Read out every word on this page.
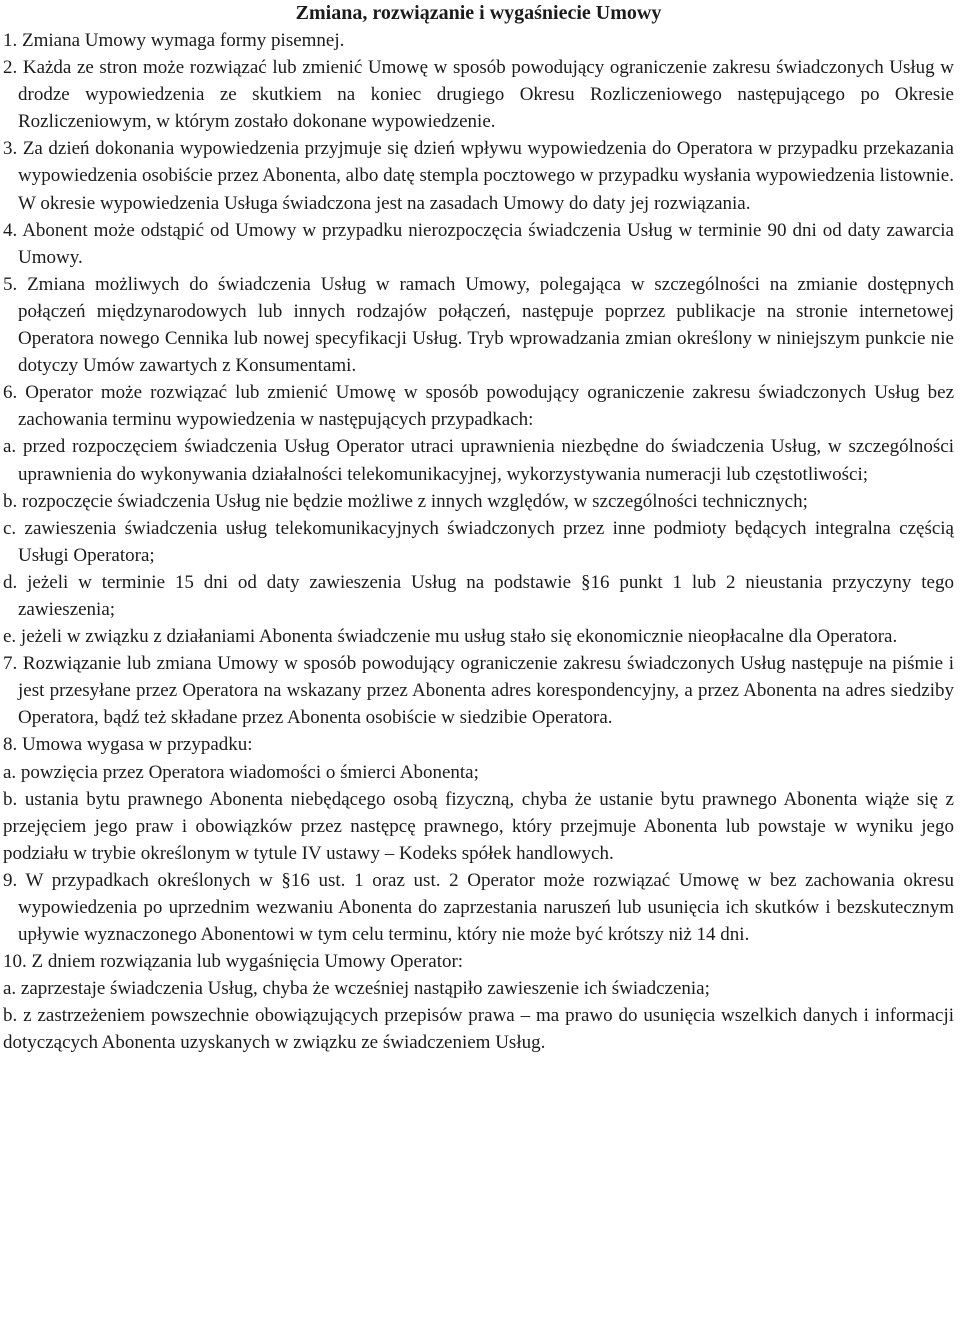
Zmiana, rozwiązanie i wygaśniecie Umowy

1. Zmiana Umowy wymaga formy pisemnej.

2. Każda ze stron może rozwiązać lub zmienić Umowę w sposób powodujący ograniczenie zakresu świadczonych Usług w drodze wypowiedzenia ze skutkiem na koniec drugiego Okresu Rozliczeniowego następującego po Okresie Rozliczeniowym, w którym zostało dokonane wypowiedzenie.

3. Za dzień dokonania wypowiedzenia przyjmuje się dzień wpływu wypowiedzenia do Operatora w przypadku przekazania wypowiedzenia osobiście przez Abonenta, albo datę stempla pocztowego w przypadku wysłania wypowiedzenia listownie. W okresie wypowiedzenia Usługa świadczona jest na zasadach Umowy do daty jej rozwiązania.

4. Abonent może odstąpić od Umowy w przypadku nierozpoczęcia świadczenia Usług w terminie 90 dni od daty zawarcia Umowy.

5. Zmiana możliwych do świadczenia Usług w ramach Umowy, polegająca w szczególności na zmianie dostępnych połączeń międzynarodowych lub innych rodzajów połączeń, następuje poprzez publikacje na stronie internetowej Operatora nowego Cennika lub nowej specyfikacji Usług. Tryb wprowadzania zmian określony w niniejszym punkcie nie dotyczy Umów zawartych z Konsumentami.

6. Operator może rozwiązać lub zmienić Umowę w sposób powodujący ograniczenie zakresu świadczonych Usług bez zachowania terminu wypowiedzenia w następujących przypadkach:

a. przed rozpoczęciem świadczenia Usług Operator utraci uprawnienia niezbędne do świadczenia Usług, w szczególności uprawnienia do wykonywania działalności telekomunikacyjnej, wykorzystywania numeracji lub częstotliwości;

b. rozpoczęcie świadczenia Usług nie będzie możliwe z innych względów, w szczególności technicznych;

c. zawieszenia świadczenia usług telekomunikacyjnych świadczonych przez inne podmioty będących integralna częścią Usługi Operatora;

d. jeżeli w terminie 15 dni od daty zawieszenia Usług na podstawie §16 punkt 1 lub 2 nieustania przyczyny tego zawieszenia;

e. jeżeli w związku z działaniami Abonenta świadczenie mu usług stało się ekonomicznie nieopłacalne dla Operatora.

7. Rozwiązanie lub zmiana Umowy w sposób powodujący ograniczenie zakresu świadczonych Usług następuje na piśmie i jest przesyłane przez Operatora na wskazany przez Abonenta adres korespondencyjny, a przez Abonenta na adres siedziby Operatora, bądź też składane przez Abonenta osobiście w siedzibie Operatora.

8. Umowa wygasa w przypadku:

a. powzięcia przez Operatora wiadomości o śmierci Abonenta;

b. ustania bytu prawnego Abonenta niebędącego osobą fizyczną, chyba że ustanie bytu prawnego Abonenta wiąże się z przejęciem jego praw i obowiązków przez następcę prawnego, który przejmuje Abonenta lub powstaje w wyniku jego podziału w trybie określonym w tytule IV ustawy – Kodeks spółek handlowych.

9. W przypadkach określonych w §16 ust. 1 oraz ust. 2 Operator może rozwiązać Umowę w bez zachowania okresu wypowiedzenia po uprzednim wezwaniu Abonenta do zaprzestania naruszeń lub usunięcia ich skutków i bezskutecznym upływie wyznaczonego Abonentowi w tym celu terminu, który nie może być krótszy niż 14 dni.

10. Z dniem rozwiązania lub wygaśnięcia Umowy Operator:

a. zaprzestaje świadczenia Usług, chyba że wcześniej nastąpiło zawieszenie ich świadczenia;

b. z zastrzeżeniem powszechnie obowiązujących przepisów prawa – ma prawo do usunięcia wszelkich danych i informacji dotyczących Abonenta uzyskanych w związku ze świadczeniem Usług.
